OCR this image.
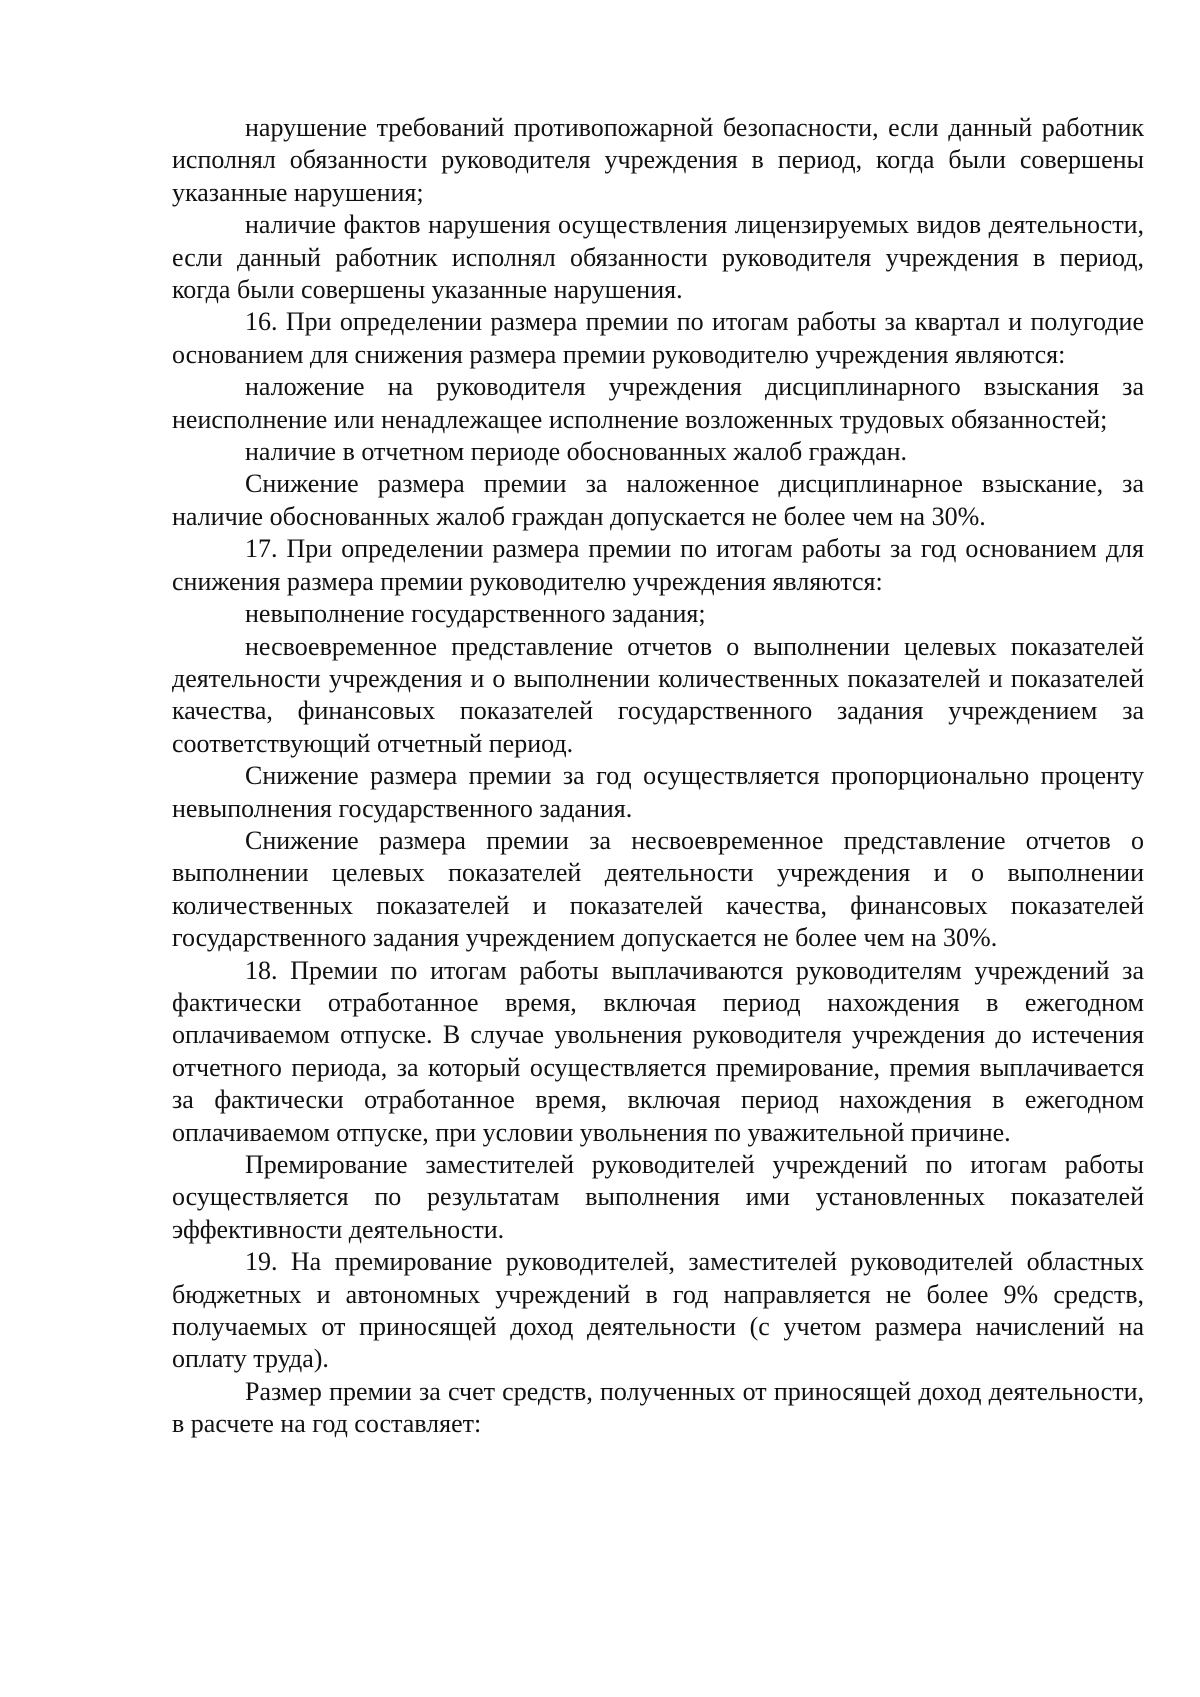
нарушение требований противопожарной безопасности, если данный работник исполнял обязанности руководителя учреждения в период, когда были совершены указанные нарушения;

наличие фактов нарушения осуществления лицензируемых видов деятельности, если данный работник исполнял обязанности руководителя учреждения в период, когда были совершены указанные нарушения.

16. При определении размера премии по итогам работы за квартал и полугодие основанием для снижения размера премии руководителю учреждения являются:

наложение на руководителя учреждения дисциплинарного взыскания за неисполнение или ненадлежащее исполнение возложенных трудовых обязанностей;

наличие в отчетном периоде обоснованных жалоб граждан.

Снижение размера премии за наложенное дисциплинарное взыскание, за наличие обоснованных жалоб граждан допускается не более чем на 30%.

17. При определении размера премии по итогам работы за год основанием для снижения размера премии руководителю учреждения являются:

невыполнение государственного задания;

несвоевременное представление отчетов о выполнении целевых показателей деятельности учреждения и о выполнении количественных показателей и показателей качества, финансовых показателей государственного задания учреждением за соответствующий отчетный период.

Снижение размера премии за год осуществляется пропорционально проценту невыполнения государственного задания.

Снижение размера премии за несвоевременное представление отчетов о выполнении целевых показателей деятельности учреждения и о выполнении количественных показателей и показателей качества, финансовых показателей государственного задания учреждением допускается не более чем на 30%.

18. Премии по итогам работы выплачиваются руководителям учреждений за фактически отработанное время, включая период нахождения в ежегодном оплачиваемом отпуске. В случае увольнения руководителя учреждения до истечения отчетного периода, за который осуществляется премирование, премия выплачивается за фактически отработанное время, включая период нахождения в ежегодном оплачиваемом отпуске, при условии увольнения по уважительной причине.

Премирование заместителей руководителей учреждений по итогам работы осуществляется по результатам выполнения ими установленных показателей эффективности деятельности.

19. На премирование руководителей, заместителей руководителей областных бюджетных и автономных учреждений в год направляется не более 9% средств, получаемых от приносящей доход деятельности (с учетом размера начислений на оплату труда).

Размер премии за счет средств, полученных от приносящей доход деятельности, в расчете на год составляет:
